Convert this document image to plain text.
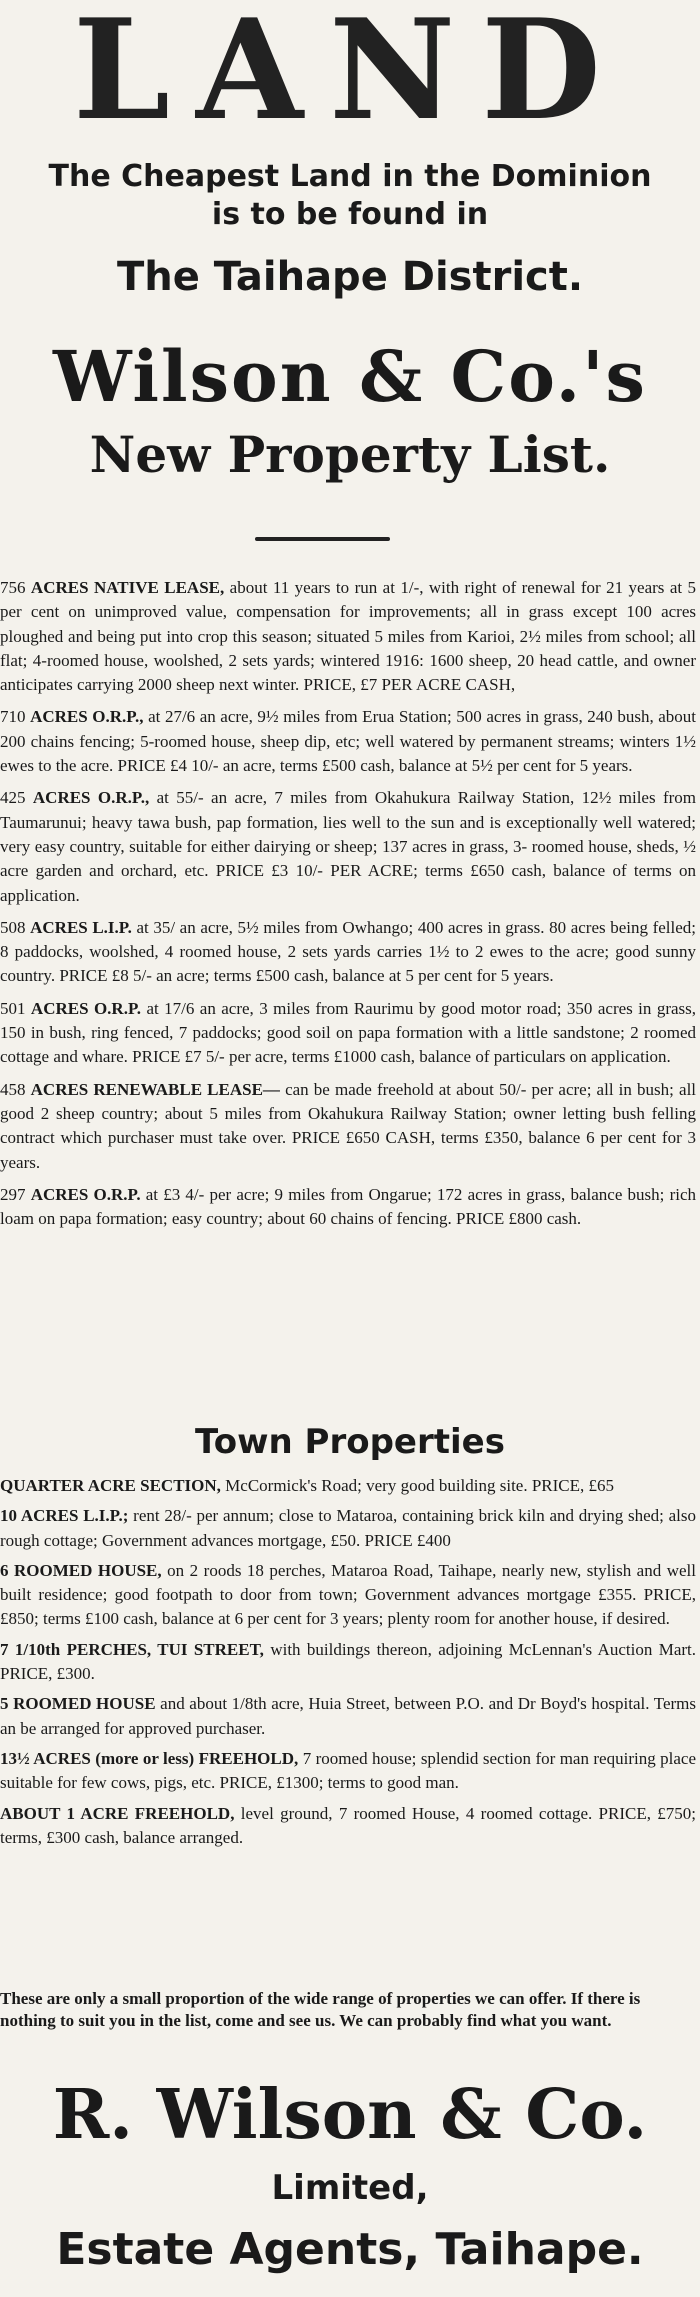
LAND
The Cheapest Land in the Dominion
is to be found in
The Taihape District.
Wilson & Co.'s
New Property List.
756 ACRES NATIVE LEASE, about 11 years to run at 1/-, with right of renewal for 21 years at 5 per cent on unimproved value, compensation for improvements; all in grass except 100 acres ploughed and being put into crop this season; situated 5 miles from Karioi, 2½ miles from school; all flat; 4-roomed house, woolshed, 2 sets yards; wintered 1916: 1600 sheep, 20 head cattle, and owner anticipates carrying 2000 sheep next winter. PRICE, £7 PER ACRE CASH,
710 ACRES O.R.P., at 27/6 an acre, 9½ miles from Erua Station; 500 acres in grass, 240 bush, about 200 chains fencing; 5-roomed house, sheep dip, etc; well watered by permanent streams; winters 1½ ewes to the acre. PRICE £4 10/- an acre, terms £500 cash, balance at 5½ per cent for 5 years.
425 ACRES O.R.P., at 55/- an acre, 7 miles from Okahukura Railway Station, 12½ miles from Taumarunui; heavy tawa bush, pap formation, lies well to the sun and is exceptionally well watered; very easy country, suitable for either dairying or sheep; 137 acres in grass, 3- roomed house, sheds, ½ acre garden and orchard, etc. PRICE £3 10/- PER ACRE; terms £650 cash, balance of terms on application.
508 ACRES L.I.P. at 35/ an acre, 5½ miles from Owhango; 400 acres in grass. 80 acres being felled; 8 paddocks, woolshed, 4 roomed house, 2 sets yards carries 1½ to 2 ewes to the acre; good sunny country. PRICE £8 5/- an acre; terms £500 cash, balance at 5 per cent for 5 years.
501 ACRES O.R.P. at 17/6 an acre, 3 miles from Raurimu by good motor road; 350 acres in grass, 150 in bush, ring fenced, 7 paddocks; good soil on papa formation with a little sandstone; 2 roomed cottage and whare. PRICE £7 5/- per acre, terms £1000 cash, balance of particulars on application.
458 ACRES RENEWABLE LEASE— can be made freehold at about 50/- per acre; all in bush; all good 2 sheep country; about 5 miles from Okahukura Railway Station; owner letting bush felling contract which purchaser must take over. PRICE £650 CASH, terms £350, balance 6 per cent for 3 years.
297 ACRES O.R.P. at £3 4/- per acre; 9 miles from Ongarue; 172 acres in grass, balance bush; rich loam on papa formation; easy country; about 60 chains of fencing. PRICE £800 cash.
Town Properties
QUARTER ACRE SECTION, McCormick's Road; very good building site. PRICE, £65
10 ACRES L.I.P.; rent 28/- per annum; close to Mataroa, containing brick kiln and drying shed; also rough cottage; Government advances mortgage, £50. PRICE £400
6 ROOMED HOUSE, on 2 roods 18 perches, Mataroa Road, Taihape, nearly new, stylish and well built residence; good footpath to door from town; Government advances mortgage £355. PRICE, £850; terms £100 cash, balance at 6 per cent for 3 years; plenty room for another house, if desired.
7 1/10th PERCHES, TUI STREET, with buildings thereon, adjoining McLennan's Auction Mart. PRICE, £300.
5 ROOMED HOUSE and about 1/8th acre, Huia Street, between P.O. and Dr Boyd's hospital. Terms an be arranged for approved purchaser.
13½ ACRES (more or less) FREEHOLD, 7 roomed house; splendid section for man requiring place suitable for few cows, pigs, etc. PRICE, £1300; terms to good man.
ABOUT 1 ACRE FREEHOLD, level ground, 7 roomed House, 4 roomed cottage. PRICE, £750; terms, £300 cash, balance arranged.
These are only a small proportion of the wide range of properties we can offer. If there is nothing to suit you in the list, come and see us. We can probably find what you want.
R. Wilson & Co.
Limited,
Estate Agents, Taihape.
